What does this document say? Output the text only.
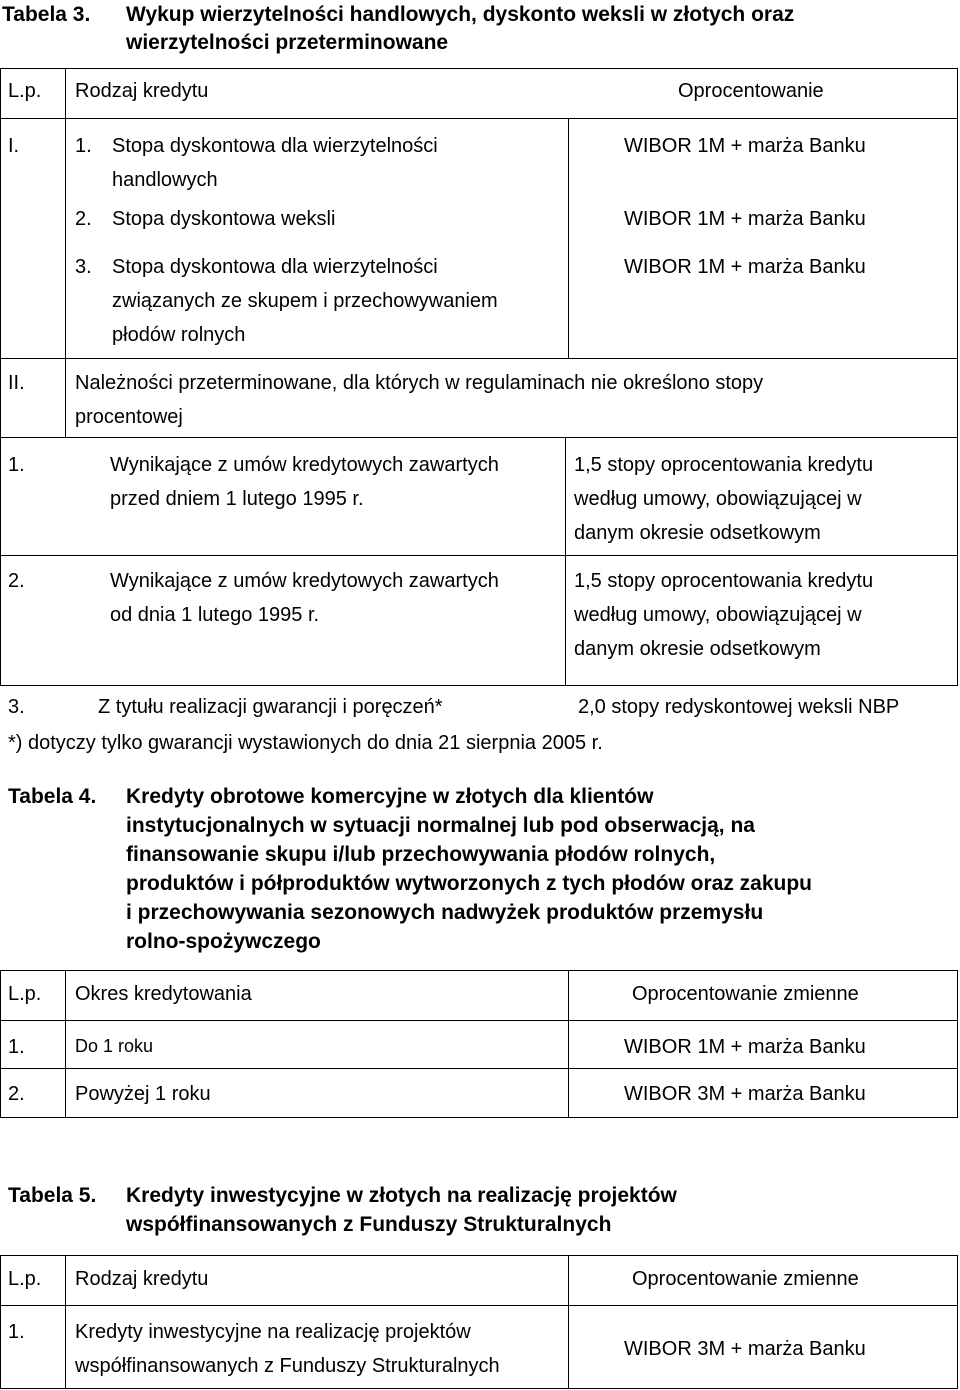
Tabela 3. Wykup wierzytelności handlowych, dyskonto weksli w złotych oraz
wierzytelności przeterminowane
L.p. Rodzaj kredytu	Oprocentowanie
I.	1. Stopa dyskontowa dla wierzytelności
handlowych
WIBOR 1M + marża Banku
2. Stopa dyskontowa weksli	WIBOR 1M + marża Banku
3. Stopa dyskontowa dla wierzytelności
związanych ze skupem i przechowywaniem
płodów rolnych
WIBOR 1M + marża Banku
II.	Należności przeterminowane, dla których w regulaminach nie określono stopy
procentowej
1.	Wynikające z umów kredytowych zawartych
przed dniem 1 lutego 1995 r.
1,5 stopy oprocentowania kredytu
według umowy, obowiązującej w
danym okresie odsetkowym
2.	Wynikające z umów kredytowych zawartych
od dnia 1 lutego 1995 r.
1,5 stopy oprocentowania kredytu
według umowy, obowiązującej w
danym okresie odsetkowym
3.	Z tytułu realizacji gwarancji i poręczeń*	2,0 stopy redyskontowej weksli NBP
*) dotyczy tylko gwarancji wystawionych do dnia 21 sierpnia 2005 r.
Tabela 4. Kredyty obrotowe komercyjne w złotych dla klientów
instytucjonalnych w sytuacji normalnej lub pod obserwacją, na
finansowanie skupu i/lub przechowywania płodów rolnych,
produktów i półproduktów wytworzonych z tych płodów oraz zakupu
i przechowywania sezonowych nadwyżek produktów przemysłu
rolno-spożywczego
L.p. Okres kredytowania	Oprocentowanie zmienne
1.	Do 1 roku	WIBOR 1M + marża Banku
2.	Powyżej 1 roku	WIBOR 3M + marża Banku
Tabela 5. Kredyty inwestycyjne w złotych na realizację projektów
współfinansowanych z Funduszy Strukturalnych
L.p. Rodzaj kredytu	Oprocentowanie zmienne
1.	Kredyty inwestycyjne na realizację projektów
współfinansowanych z Funduszy Strukturalnych
WIBOR 3M + marża Banku
